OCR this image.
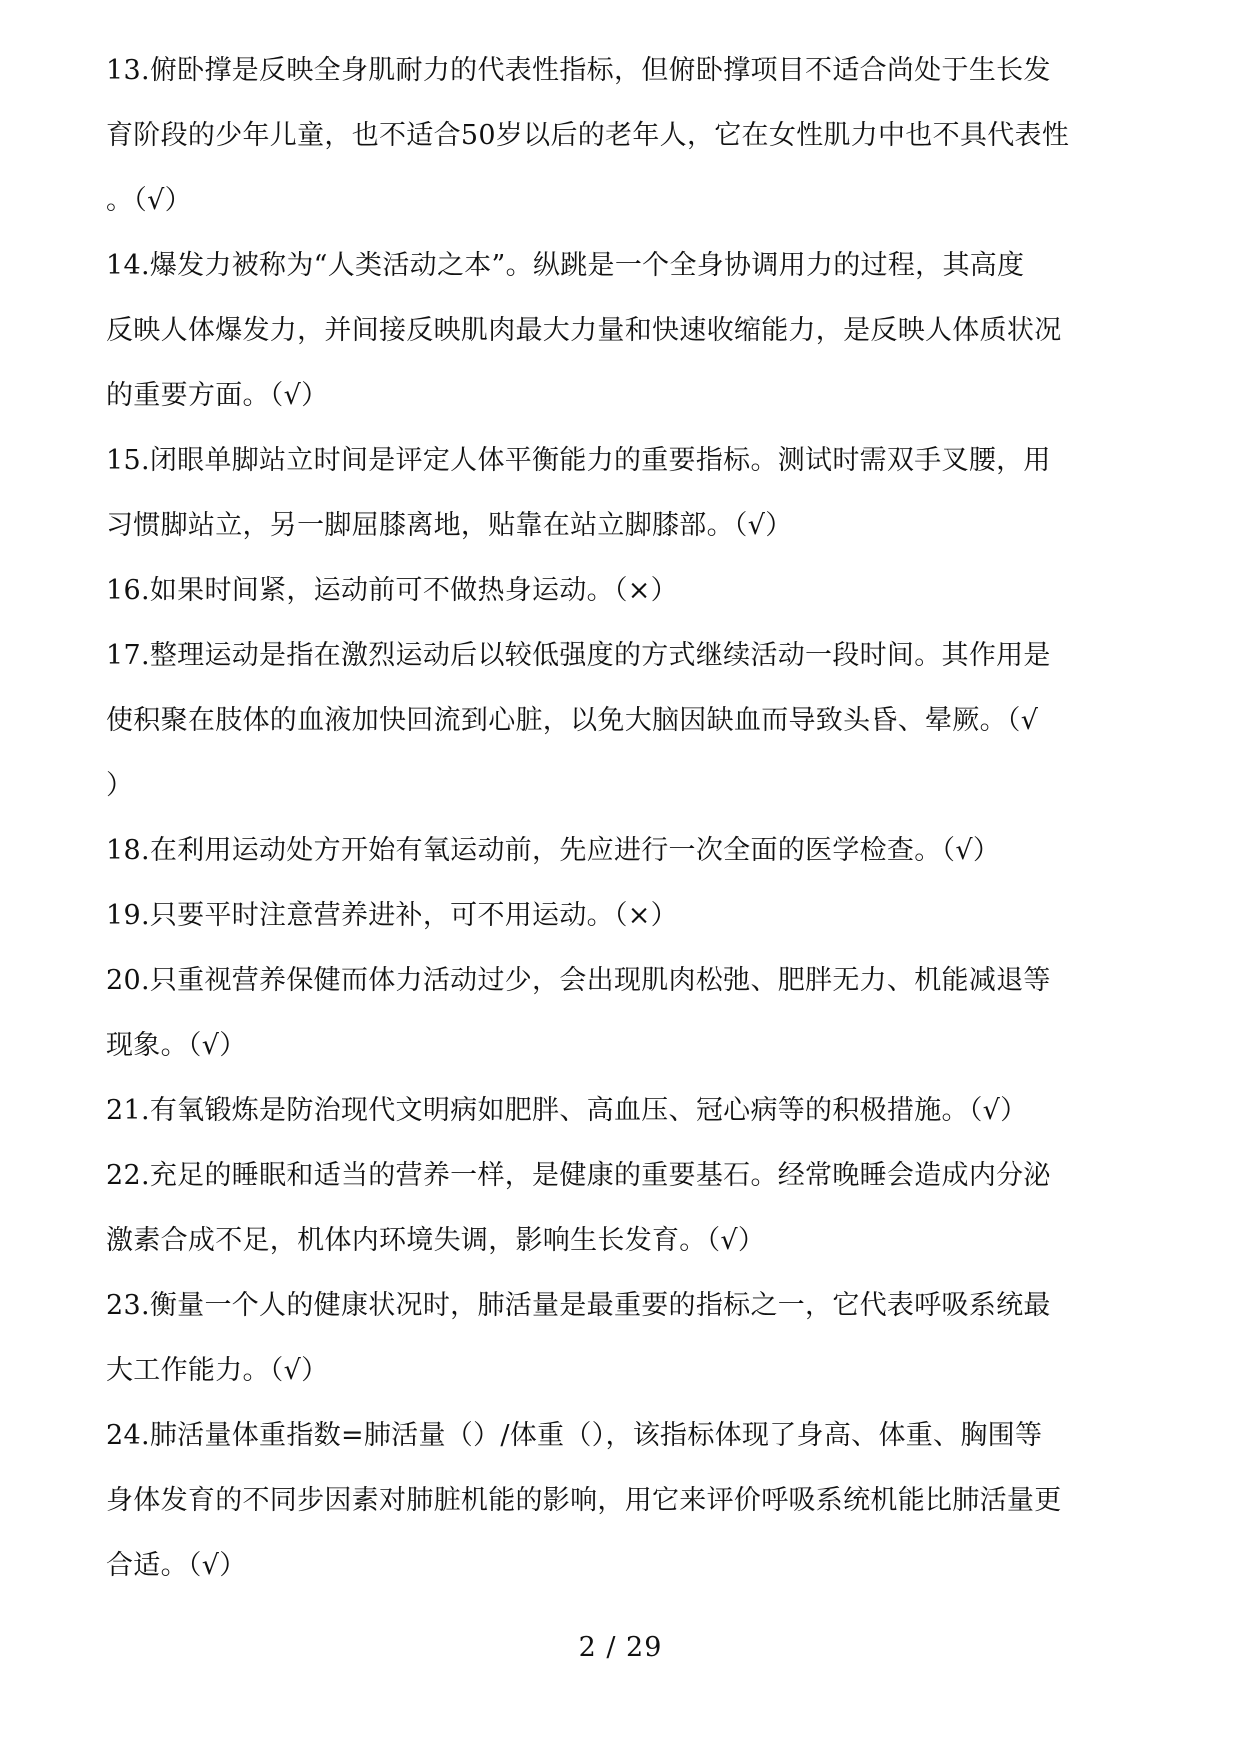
13.俯卧撑是反映全身肌耐力的代表性指标，但俯卧撑项目不适合尚处于生长发
育阶段的少年儿童，也不适合50岁以后的老年人，它在女性肌力中也不具代表性
。（√）
14.爆发力被称为“人类活动之本”。纵跳是一个全身协调用力的过程，其高度
反映人体爆发力，并间接反映肌肉最大力量和快速收缩能力，是反映人体质状况
的重要方面。（√）
15.闭眼单脚站立时间是评定人体平衡能力的重要指标。测试时需双手叉腰，用
习惯脚站立，另一脚屈膝离地，贴靠在站立脚膝部。（√）
16.如果时间紧，运动前可不做热身运动。（×）
17.整理运动是指在激烈运动后以较低强度的方式继续活动一段时间。其作用是
使积聚在肢体的血液加快回流到心脏，以免大脑因缺血而导致头昏、晕厥。（√
）
18.在利用运动处方开始有氧运动前，先应进行一次全面的医学检查。（√）
19.只要平时注意营养进补，可不用运动。（×）
20.只重视营养保健而体力活动过少，会出现肌肉松弛、肥胖无力、机能减退等
现象。（√）
21.有氧锻炼是防治现代文明病如肥胖、高血压、冠心病等的积极措施。（√）
22.充足的睡眠和适当的营养一样，是健康的重要基石。经常晚睡会造成内分泌
激素合成不足，机体内环境失调，影响生长发育。（√）
23.衡量一个人的健康状况时，肺活量是最重要的指标之一，它代表呼吸系统最
大工作能力。（√）
24.肺活量体重指数=肺活量（）/体重（），该指标体现了身高、体重、胸围等
身体发育的不同步因素对肺脏机能的影响，用它来评价呼吸系统机能比肺活量更
合适。（√）
2 / 29
